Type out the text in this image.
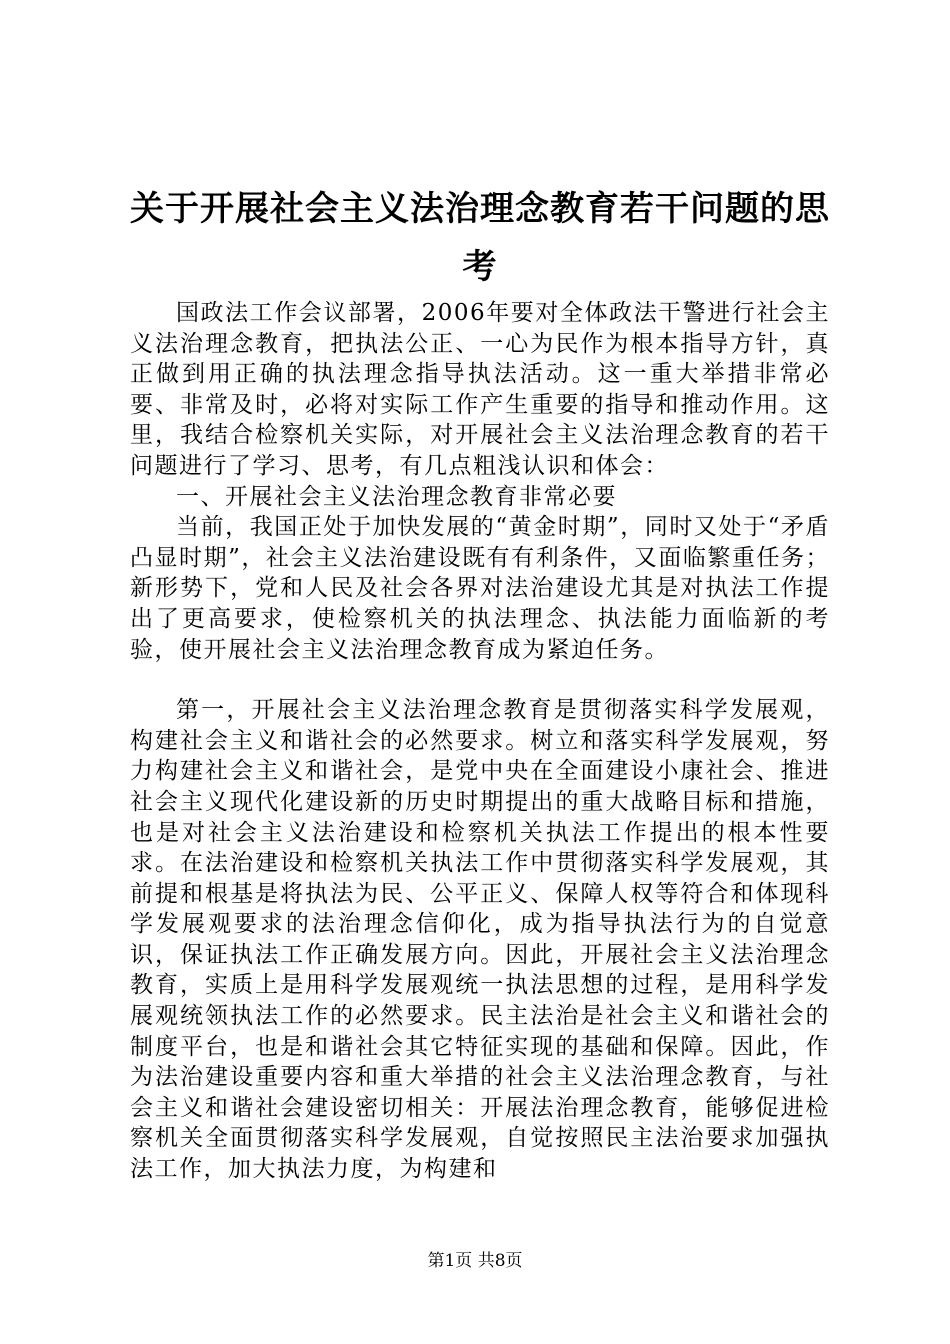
关于开展社会主义法治理念教育若干问题的思考

国政法工作会议部署，2006年要对全体政法干警进行社会主义法治理念教育，把执法公正、一心为民作为根本指导方针，真正做到用正确的执法理念指导执法活动。这一重大举措非常必要、非常及时，必将对实际工作产生重要的指导和推动作用。这里，我结合检察机关实际，对开展社会主义法治理念教育的若干问题进行了学习、思考，有几点粗浅认识和体会：

一、开展社会主义法治理念教育非常必要

当前，我国正处于加快发展的“黄金时期”，同时又处于“矛盾凸显时期”，社会主义法治建设既有有利条件，又面临繁重任务；新形势下，党和人民及社会各界对法治建设尤其是对执法工作提出了更高要求，使检察机关的执法理念、执法能力面临新的考验，使开展社会主义法治理念教育成为紧迫任务。

第一，开展社会主义法治理念教育是贯彻落实科学发展观，构建社会主义和谐社会的必然要求。树立和落实科学发展观，努力构建社会主义和谐社会，是党中央在全面建设小康社会、推进社会主义现代化建设新的历史时期提出的重大战略目标和措施，也是对社会主义法治建设和检察机关执法工作提出的根本性要求。在法治建设和检察机关执法工作中贯彻落实科学发展观，其前提和根基是将执法为民、公平正义、保障人权等符合和体现科学发展观要求的法治理念信仰化，成为指导执法行为的自觉意识，保证执法工作正确发展方向。因此，开展社会主义法治理念教育，实质上是用科学发展观统一执法思想的过程，是用科学发展观统领执法工作的必然要求。民主法治是社会主义和谐社会的制度平台，也是和谐社会其它特征实现的基础和保障。因此，作为法治建设重要内容和重大举措的社会主义法治理念教育，与社会主义和谐社会建设密切相关：开展法治理念教育，能够促进检察机关全面贯彻落实科学发展观，自觉按照民主法治要求加强执法工作，加大执法力度，为构建和

第1页 共8页
